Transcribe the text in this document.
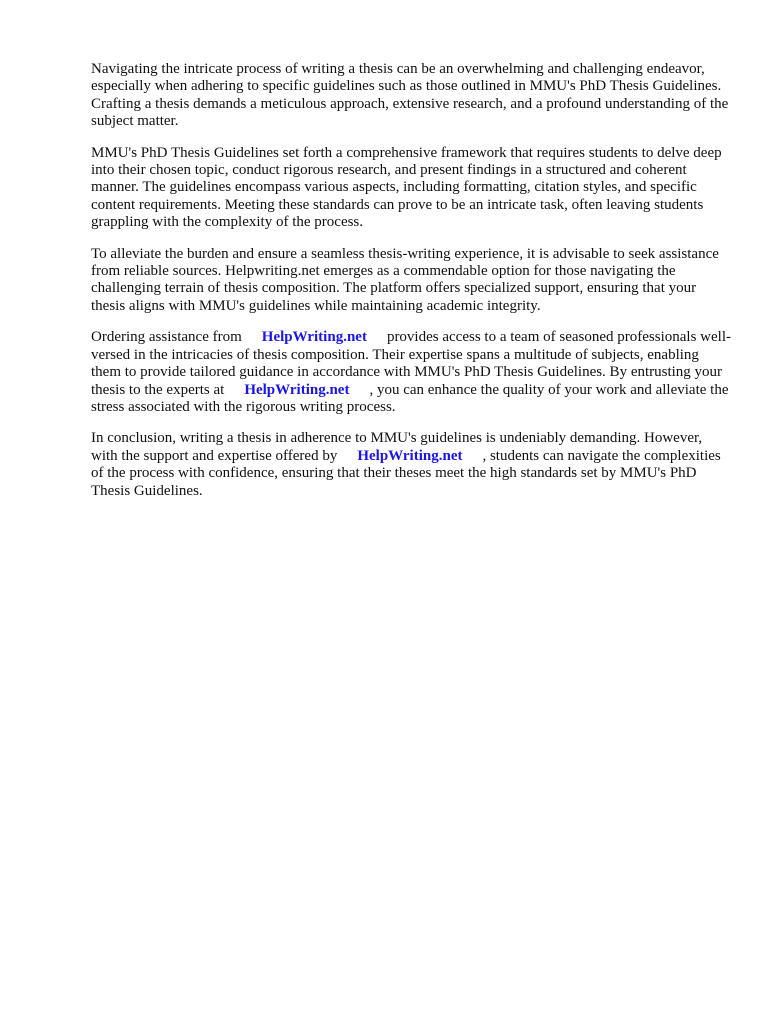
Navigating the intricate process of writing a thesis can be an overwhelming and challenging endeavor, especially when adhering to specific guidelines such as those outlined in MMU's PhD Thesis Guidelines. Crafting a thesis demands a meticulous approach, extensive research, and a profound understanding of the subject matter.

MMU's PhD Thesis Guidelines set forth a comprehensive framework that requires students to delve deep into their chosen topic, conduct rigorous research, and present findings in a structured and coherent manner. The guidelines encompass various aspects, including formatting, citation styles, and specific content requirements. Meeting these standards can prove to be an intricate task, often leaving students grappling with the complexity of the process.

To alleviate the burden and ensure a seamless thesis-writing experience, it is advisable to seek assistance from reliable sources. Helpwriting.net emerges as a commendable option for those navigating the challenging terrain of thesis composition. The platform offers specialized support, ensuring that your thesis aligns with MMU's guidelines while maintaining academic integrity.

Ordering assistance from HelpWriting.net provides access to a team of seasoned professionals well-versed in the intricacies of thesis composition. Their expertise spans a multitude of subjects, enabling them to provide tailored guidance in accordance with MMU's PhD Thesis Guidelines. By entrusting your thesis to the experts at HelpWriting.net , you can enhance the quality of your work and alleviate the stress associated with the rigorous writing process.

In conclusion, writing a thesis in adherence to MMU's guidelines is undeniably demanding. However, with the support and expertise offered by HelpWriting.net , students can navigate the complexities of the process with confidence, ensuring that their theses meet the high standards set by MMU's PhD Thesis Guidelines.
